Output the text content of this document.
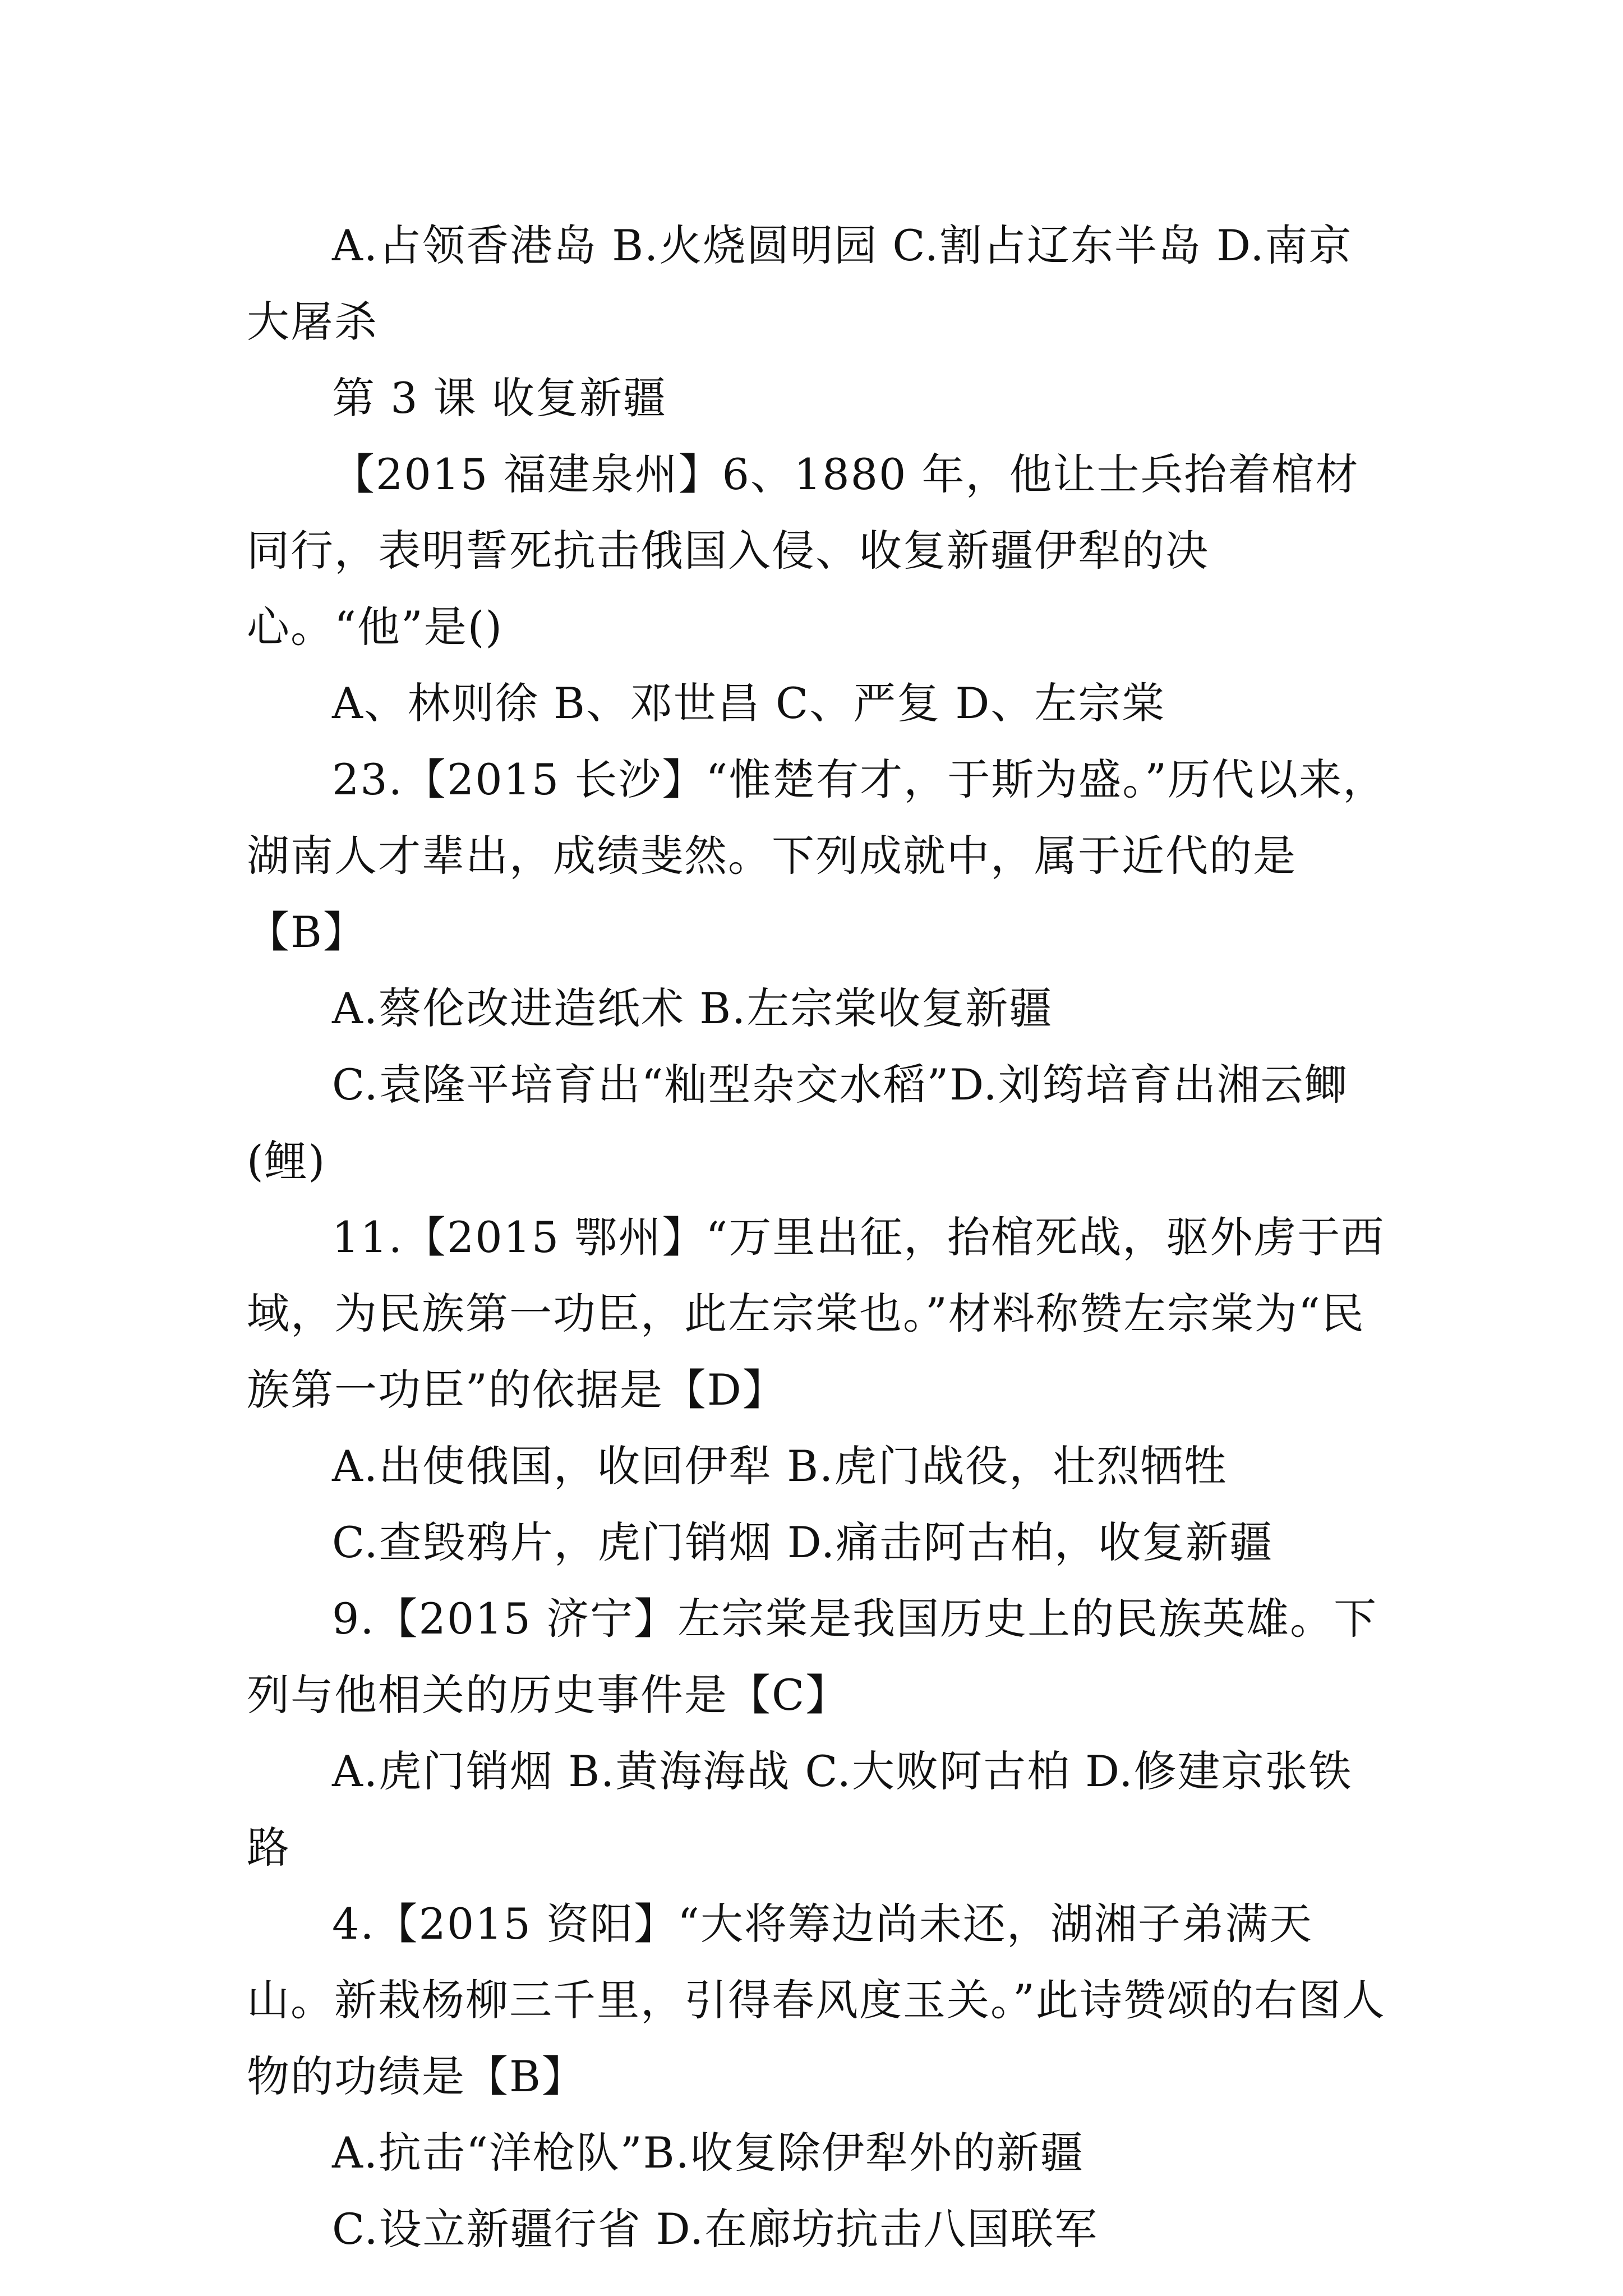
A.占领香港岛 B.火烧圆明园 C.割占辽东半岛 D.南京大屠杀

第 3 课 收复新疆

【2015 福建泉州】6、1880 年，他让士兵抬着棺材同行，表明誓死抗击俄国入侵、收复新疆伊犁的决心。“他”是()

A、林则徐 B、邓世昌 C、严复 D、左宗棠

23.【2015 长沙】“惟楚有才，于斯为盛。”历代以来，湖南人才辈出，成绩斐然。下列成就中，属于近代的是【B】

A.蔡伦改进造纸术 B.左宗棠收复新疆

C.袁隆平培育出“籼型杂交水稻”D.刘筠培育出湘云鲫(鲤)

11.【2015 鄂州】“万里出征，抬棺死战，驱外虏于西域，为民族第一功臣，此左宗棠也。”材料称赞左宗棠为“民族第一功臣”的依据是【D】

A.出使俄国，收回伊犁 B.虎门战役，壮烈牺牲

C.查毁鸦片，虎门销烟 D.痛击阿古柏，收复新疆

9.【2015 济宁】左宗棠是我国历史上的民族英雄。下列与他相关的历史事件是【C】

A.虎门销烟 B.黄海海战 C.大败阿古柏 D.修建京张铁路

4.【2015 资阳】“大将筹边尚未还，湖湘子弟满天山。新栽杨柳三千里，引得春风度玉关。”此诗赞颂的右图人物的功绩是【B】

A.抗击“洋枪队”B.收复除伊犁外的新疆

C.设立新疆行省 D.在廊坊抗击八国联军
